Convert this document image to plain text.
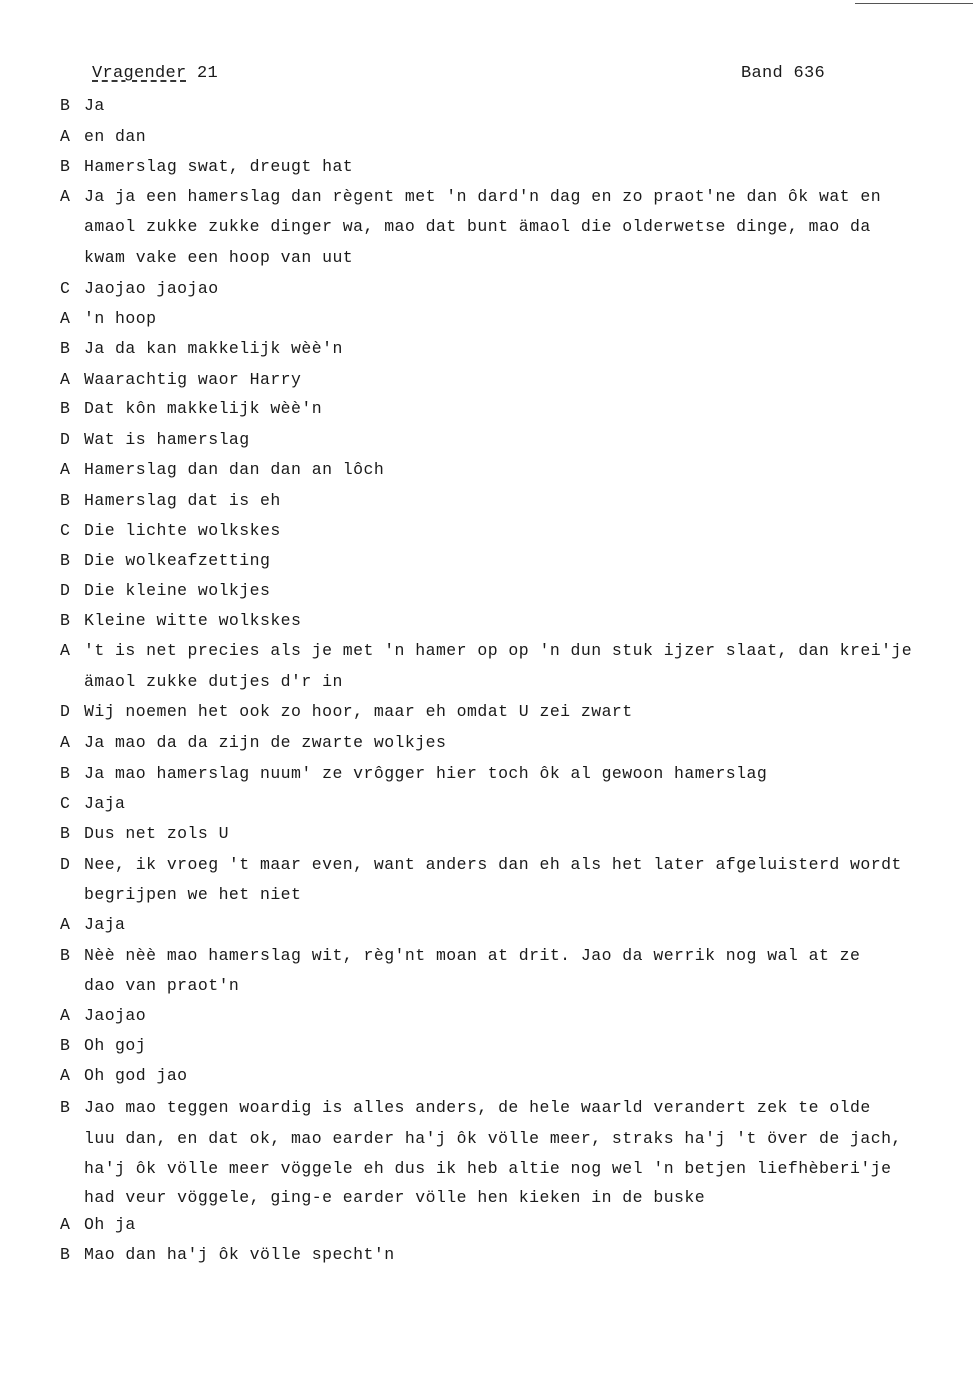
Vragender 21	Band 636
B Ja
A en dan
B Hamerslag swat, dreugt hat
A Ja ja een hamerslag dan règent met 'n dard'n dag en zo praot'ne dan ôk wat en
amaol zukke zukke dinger wa, mao dat bunt ämaol die olderwetse dinge, mao da
kwam vake een hoop van uut
C Jaojao jaojao
A 'n hoop
B Ja da kan makkelijk wèè'n
A Waarachtig waor Harry
B Dat kôn makkelijk wèè'n
D Wat is hamerslag
A Hamerslag dan dan dan an lôch
B Hamerslag dat is eh
C Die lichte wolkskes
B Die wolkeafzetting
D Die kleine wolkjes
B Kleine witte wolkskes
A 't is net precies als je met 'n hamer op op 'n dun stuk ijzer slaat, dan krei'je
ämaol zukke dutjes d'r in
D Wij noemen het ook zo hoor, maar eh omdat U zei zwart
A Ja mao da da zijn de zwarte wolkjes
B Ja mao hamerslag nuum' ze vrôgger hier toch ôk al gewoon hamerslag
C Jaja
B Dus net zols U
D Nee, ik vroeg 't maar even, want anders dan eh als het later afgeluisterd wordt
begrijpen we het niet
A Jaja
B Nèè nèè mao hamerslag wit, règ'nt moan at drit. Jao da werrik nog wal at ze
dao van praot'n
A Jaojao
B Oh goj
A Oh god jao
B Jao mao teggen woardig is alles anders, de hele waarld verandert zek te olde
luu dan, en dat ok, mao earder ha'j ôk völle meer, straks ha'j 't över de jach,
ha'j ôk völle meer vöggele eh dus ik heb altie nog wel 'n betjen liefhèberi'je
had veur vöggele, ging-e earder völle hen kieken in de buske
A Oh ja
B Mao dan ha'j ôk völle specht'n
